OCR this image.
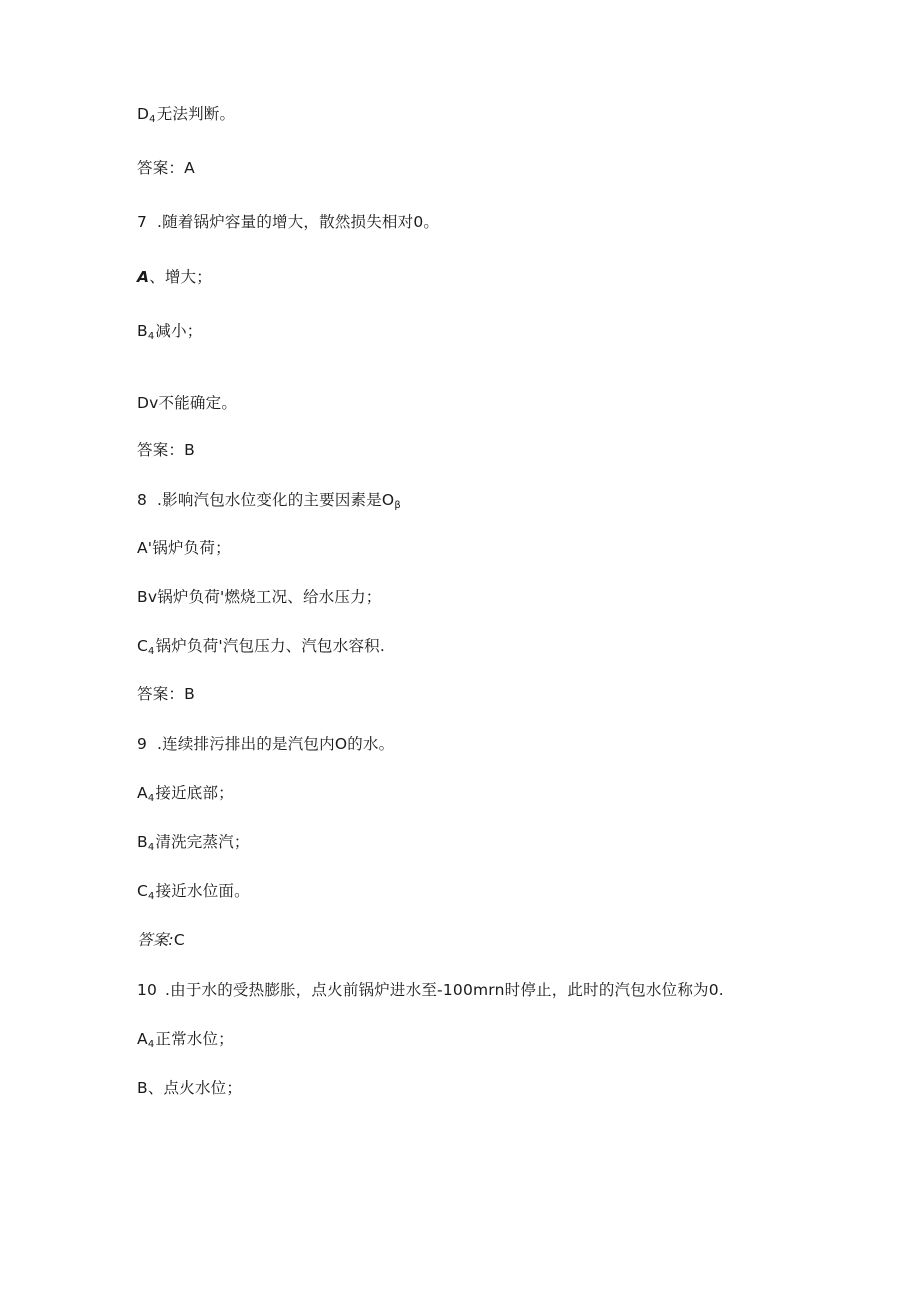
D4无法判断。
答案：A
7 .随着锅炉容量的增大，散然损失相对0。
A、增大；
B4减小；
Dv不能确定。
答案：B
8 .影响汽包水位变化的主要因素是Oβ
A'锅炉负荷；
Bv锅炉负荷'燃烧工况、给水压力；
C4锅炉负荷'汽包压力、汽包水容积.
答案：B
9 .连续排污排出的是汽包内O的水。
A4接近底部；
B4清洗完蒸汽；
C4接近水位面。
答案:C
10 .由于水的受热膨胀，点火前锅炉进水至-100mrn时停止，此时的汽包水位称为0.
A4正常水位；
B、点火水位；
